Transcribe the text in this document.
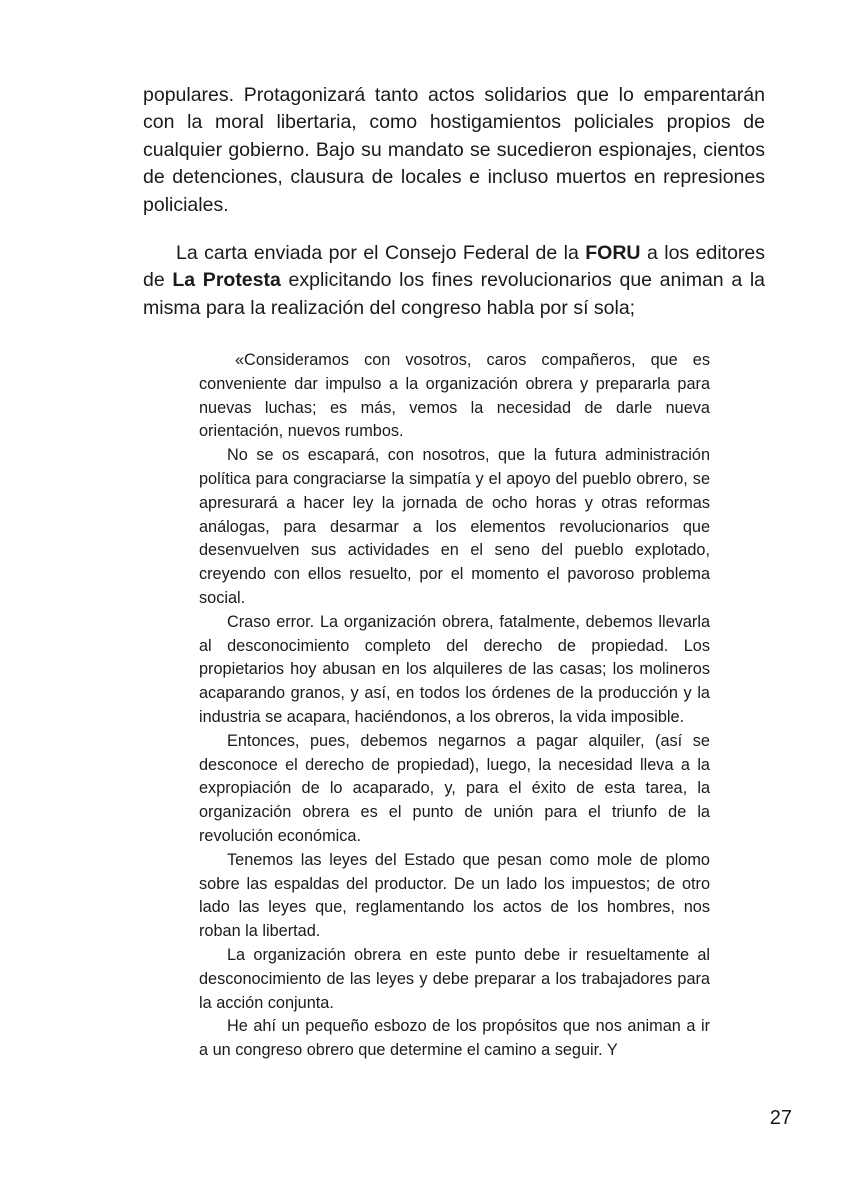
populares. Protagonizará tanto actos solidarios que lo emparentarán con la moral libertaria, como hostigamientos policiales propios de cualquier gobierno. Bajo su mandato se sucedieron espionajes, cientos de detenciones, clausura de locales e incluso muertos en represiones policiales.

La carta enviada por el Consejo Federal de la FORU a los editores de La Protesta explicitando los fines revolucionarios que animan a la misma para la realización del congreso habla por sí sola;

«Consideramos con vosotros, caros compañeros, que es conveniente dar impulso a la organización obrera y prepararla para nuevas luchas; es más, vemos la necesidad de darle nueva orientación, nuevos rumbos.

No se os escapará, con nosotros, que la futura administración política para congraciarse la simpatía y el apoyo del pueblo obrero, se apresurará a hacer ley la jornada de ocho horas y otras reformas análogas, para desarmar a los elementos revolucionarios que desenvuelven sus actividades en el seno del pueblo explotado, creyendo con ellos resuelto, por el momento el pavoroso problema social.

Craso error. La organización obrera, fatalmente, debemos llevarla al desconocimiento completo del derecho de propiedad. Los propietarios hoy abusan en los alquileres de las casas; los molineros acaparando granos, y así, en todos los órdenes de la producción y la industria se acapara, haciéndonos, a los obreros, la vida imposible.

Entonces, pues, debemos negarnos a pagar alquiler, (así se desconoce el derecho de propiedad), luego, la necesidad lleva a la expropiación de lo acaparado, y, para el éxito de esta tarea, la organización obrera es el punto de unión para el triunfo de la revolución económica.

Tenemos las leyes del Estado que pesan como mole de plomo sobre las espaldas del productor. De un lado los impuestos; de otro lado las leyes que, reglamentando los actos de los hombres, nos roban la libertad.

La organización obrera en este punto debe ir resueltamente al desconocimiento de las leyes y debe preparar a los trabajadores para la acción conjunta.

He ahí un pequeño esbozo de los propósitos que nos animan a ir a un congreso obrero que determine el camino a seguir. Y

27
